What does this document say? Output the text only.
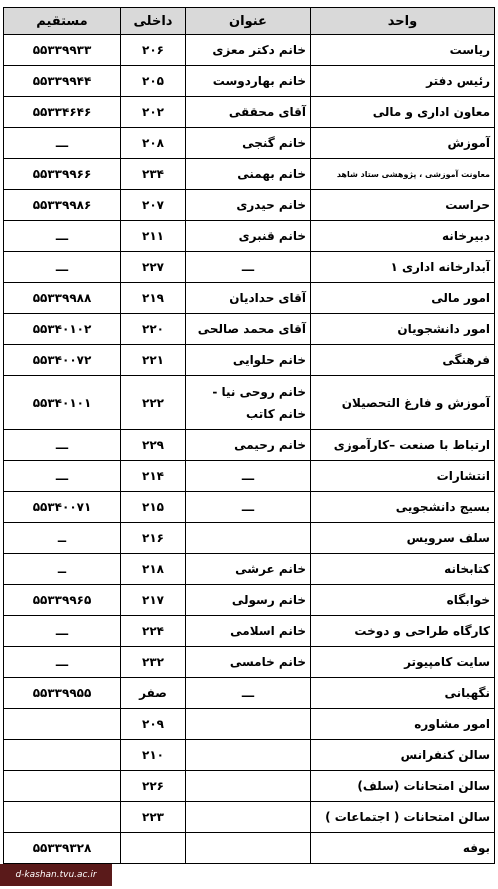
واحد	عنوان	داخلی	مستقیم
ریاست	خانم دکتر معزی	۲۰۶	۵۵۳۳۹۹۳۳
رئیس دفتر	خانم بهاردوست	۲۰۵	۵۵۳۳۹۹۴۴
معاون اداری و مالی	آقای محققی	۲۰۲	۵۵۳۳۴۶۴۶
آموزش	خانم گنجی	۲۰۸	ـــ
معاونت آموزشی ، پژوهشی ستاد شاهد	خانم بهمنی	۲۳۴	۵۵۳۳۹۹۶۶
حراست	خانم حیدری	۲۰۷	۵۵۳۳۹۹۸۶
دبیرخانه	خانم قنبری	۲۱۱	ـــ
آبدارخانه اداری ۱	ـــ	۲۲۷	ـــ
امور مالی	آقای حدادیان	۲۱۹	۵۵۳۳۹۹۸۸
امور دانشجویان	آقای محمد صالحی	۲۲۰	۵۵۳۴۰۱۰۲
فرهنگی	خانم حلوایی	۲۲۱	۵۵۳۴۰۰۷۲
آموزش و فارغ التحصیلان	خانم روحی نیا - خانم کاتب	۲۲۲	۵۵۳۴۰۱۰۱
ارتباط با صنعت –کارآموزی	خانم رحیمی	۲۲۹	ـــ
انتشارات	ـــ	۲۱۴	ـــ
بسیج دانشجویی	ـــ	۲۱۵	۵۵۳۴۰۰۷۱
سلف سرویس		۲۱۶	ــ
کتابخانه	خانم عرشی	۲۱۸	ــ
خوابگاه	خانم رسولی	۲۱۷	۵۵۳۳۹۹۶۵
کارگاه طراحی و دوخت	خانم اسلامی	۲۲۴	ـــ
سایت کامپیوتر	خانم خامسی	۲۳۲	ـــ
نگهبانی	ـــ	صفر	۵۵۳۳۹۹۵۵
امور مشاوره		۲۰۹	
سالن کنفرانس		۲۱۰	
سالن امتحانات (سلف)		۲۲۶	
سالن امتحانات ( اجتماعات )		۲۲۳	
بوفه			۵۵۳۳۹۳۲۸
d-kashan.tvu.ac.ir
